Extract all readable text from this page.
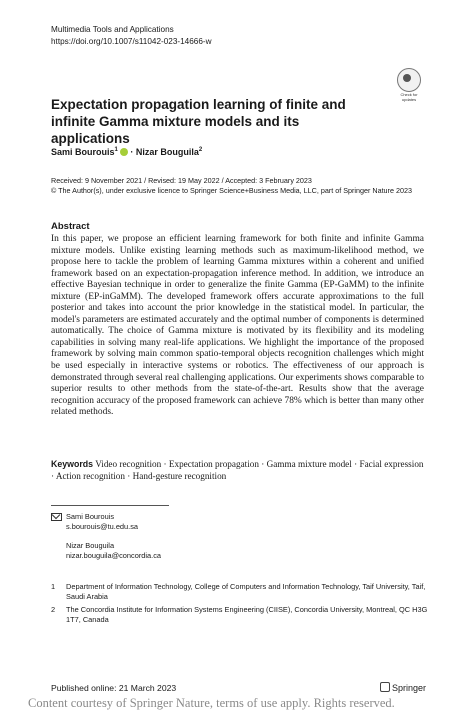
Multimedia Tools and Applications
https://doi.org/10.1007/s11042-023-14666-w
Check for
updates
Expectation propagation learning of finite and infinite Gamma mixture models and its applications
Sami Bourouis$^1$ · Nizar Bouguila$^2$
Received: 9 November 2021 / Revised: 19 May 2022 / Accepted: 3 February 2023
© The Author(s), under exclusive licence to Springer Science+Business Media, LLC, part of Springer Nature 2023
Abstract
In this paper, we propose an efficient learning framework for both finite and infinite Gamma mixture models. Unlike existing learning methods such as maximum-likelihood method, we propose here to tackle the problem of learning Gamma mixtures within a coherent and unified framework based on an expectation-propagation inference method. In addition, we introduce an effective Bayesian technique in order to generalize the finite Gamma (EP-GaMM) to the infinite mixture (EP-inGaMM). The developed framework offers accurate approximations to the full posterior and takes into account the prior knowledge in the statistical model. In particular, the model's parameters are estimated accurately and the optimal number of components is determined automatically. The choice of Gamma mixture is motivated by its flexibility and its modeling capabilities in solving many real-life applications. We highlight the importance of the proposed framework by solving main common spatio-temporal objects recognition challenges which might be used especially in interactive systems or robotics. The effectiveness of our approach is demonstrated through several real challenging applications. Our experiments shows comparable to superior results to other methods from the state-of-the-art. Results show that the average recognition accuracy of the proposed framework can achieve 78% which is better than many other related methods.
Keywords Video recognition · Expectation propagation · Gamma mixture model · Facial expression · Action recognition · Hand-gesture recognition
Sami Bourouis
s.bourouis@tu.edu.sa
Nizar Bouguila
nizar.bouguila@concordia.ca
1 Department of Information Technology, College of Computers and Information Technology, Taif University, Taif, Saudi Arabia
2 The Concordia Institute for Information Systems Engineering (CIISE), Concordia University, Montreal, QC H3G 1T7, Canada
Published online: 21 March 2023	Springer
Content courtesy of Springer Nature, terms of use apply. Rights reserved.
